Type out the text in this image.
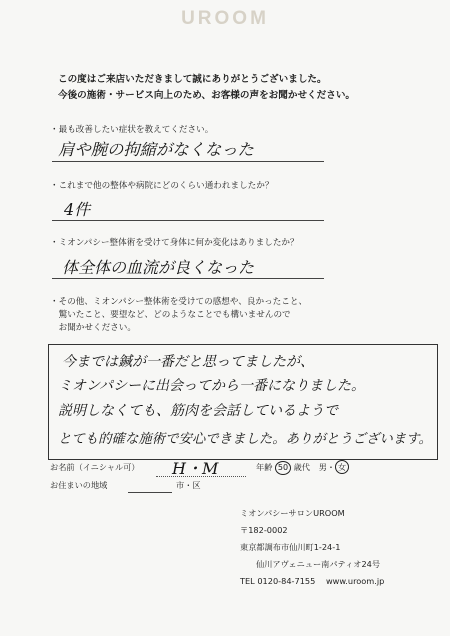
UROOM
この度はご来店いただきまして誠にありがとうございました。
今後の施術・サービス向上のため、お客様の声をお聞かせください。
・最も改善したい症状を教えてください。
肩や腕の拘縮がなくなった
・これまで他の整体や病院にどのくらい通われましたか？
4件
・ミオンパシー整体術を受けて身体に何か変化はありましたか？
体全体の血流が良くなった
・その他、ミオンパシー整体術を受けての感想や、良かったこと、
　驚いたこと、要望など、どのようなことでも構いませんので
　お聞かせください。
今までは鍼が一番だと思ってましたが、
ミオンパシーに出会ってから一番になりました。
説明しなくても、筋肉を会話しているようで
とても的確な施術で安心できました。ありがとうございます。
お名前（イニシャル可） H・M	年齢 50 歳代 男・ 女
お住まいの地域	市・区
ミオンパシーサロンUROOM
〒182-0002
東京都調布市仙川町1-24-1
仙川アヴェニュー南パティオ24号
TEL 0120-84-7155 www.uroom.jp
